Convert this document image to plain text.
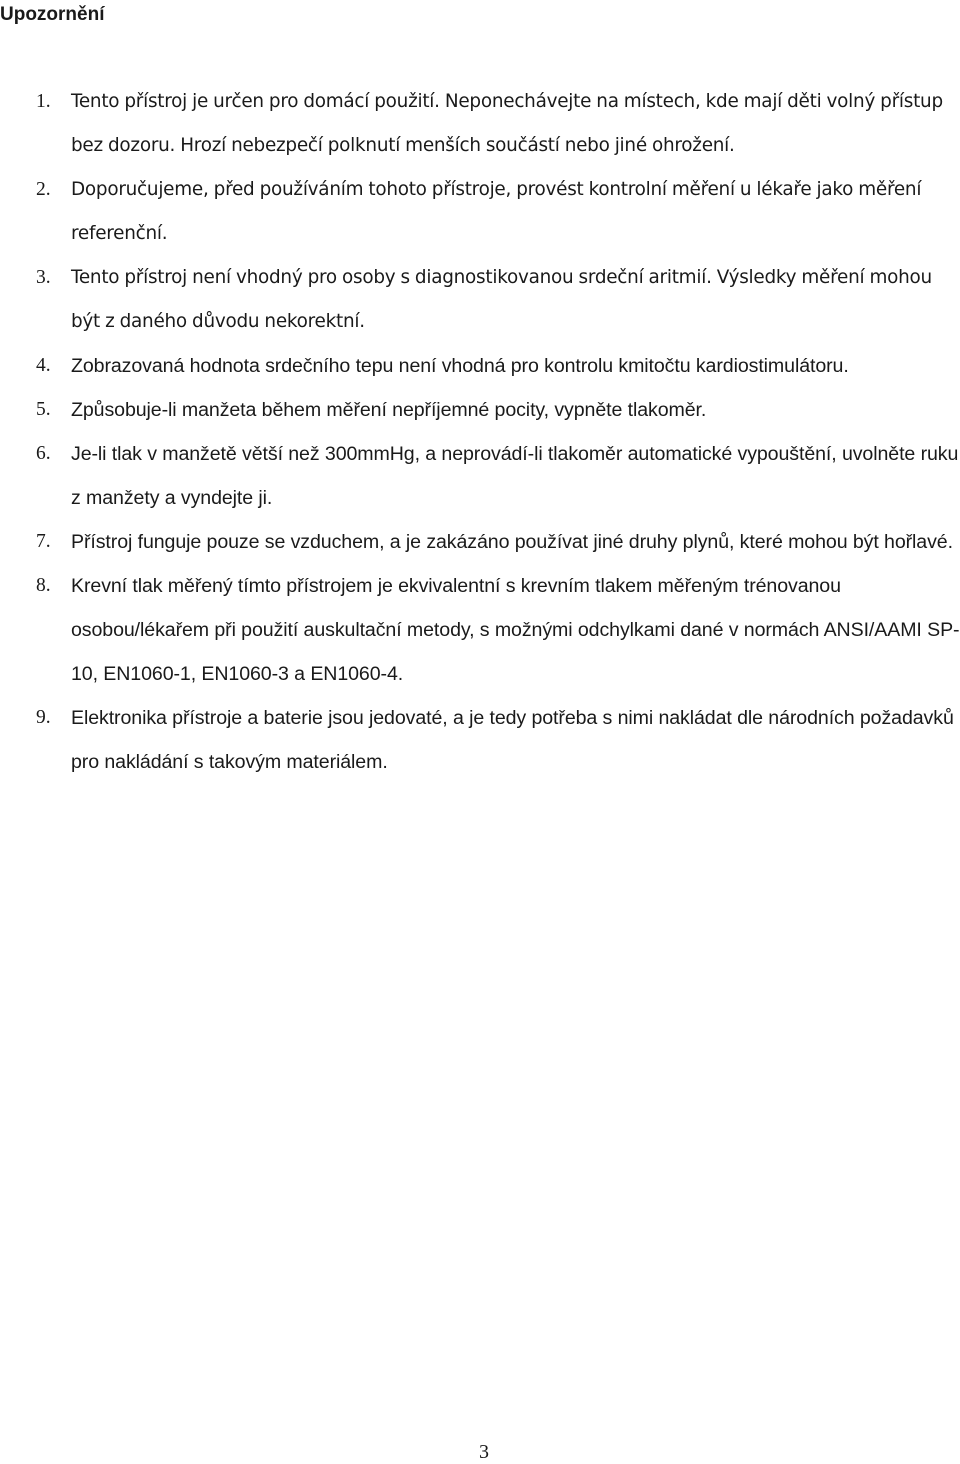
Upozornění
1. Tento přístroj je určen pro domácí použití. Neponechávejte na místech, kde mají děti volný přístup bez dozoru. Hrozí nebezpečí polknutí menších součástí nebo jiné ohrožení.
2. Doporučujeme, před používáním tohoto přístroje, provést kontrolní měření u lékaře jako měření referenční.
3. Tento přístroj není vhodný pro osoby s diagnostikovanou srdeční aritmií. Výsledky měření mohou být z daného důvodu nekorektní.
4. Zobrazovaná hodnota srdečního tepu není vhodná pro kontrolu kmitočtu kardiostimulátoru.
5. Způsobuje-li manžeta během měření nepříjemné pocity, vypněte tlakoměr.
6. Je-li tlak v manžetě větší než 300mmHg, a neprovádí-li tlakoměr automatické vypouštění, uvolněte ruku z manžety a vyndejte ji.
7. Přístroj funguje pouze se vzduchem, a je zakázáno používat jiné druhy plynů, které mohou být hořlavé.
8. Krevní tlak měřený tímto přístrojem je ekvivalentní s krevním tlakem měřeným trénovanou osobou/lékařem při použití auskultační metody, s možnými odchylkami dané v normách ANSI/AAMI SP-10, EN1060-1, EN1060-3 a EN1060-4.
9. Elektronika přístroje a baterie jsou jedovaté, a je tedy potřeba s nimi nakládat dle národních požadavků pro nakládání s takovým materiálem.
3
